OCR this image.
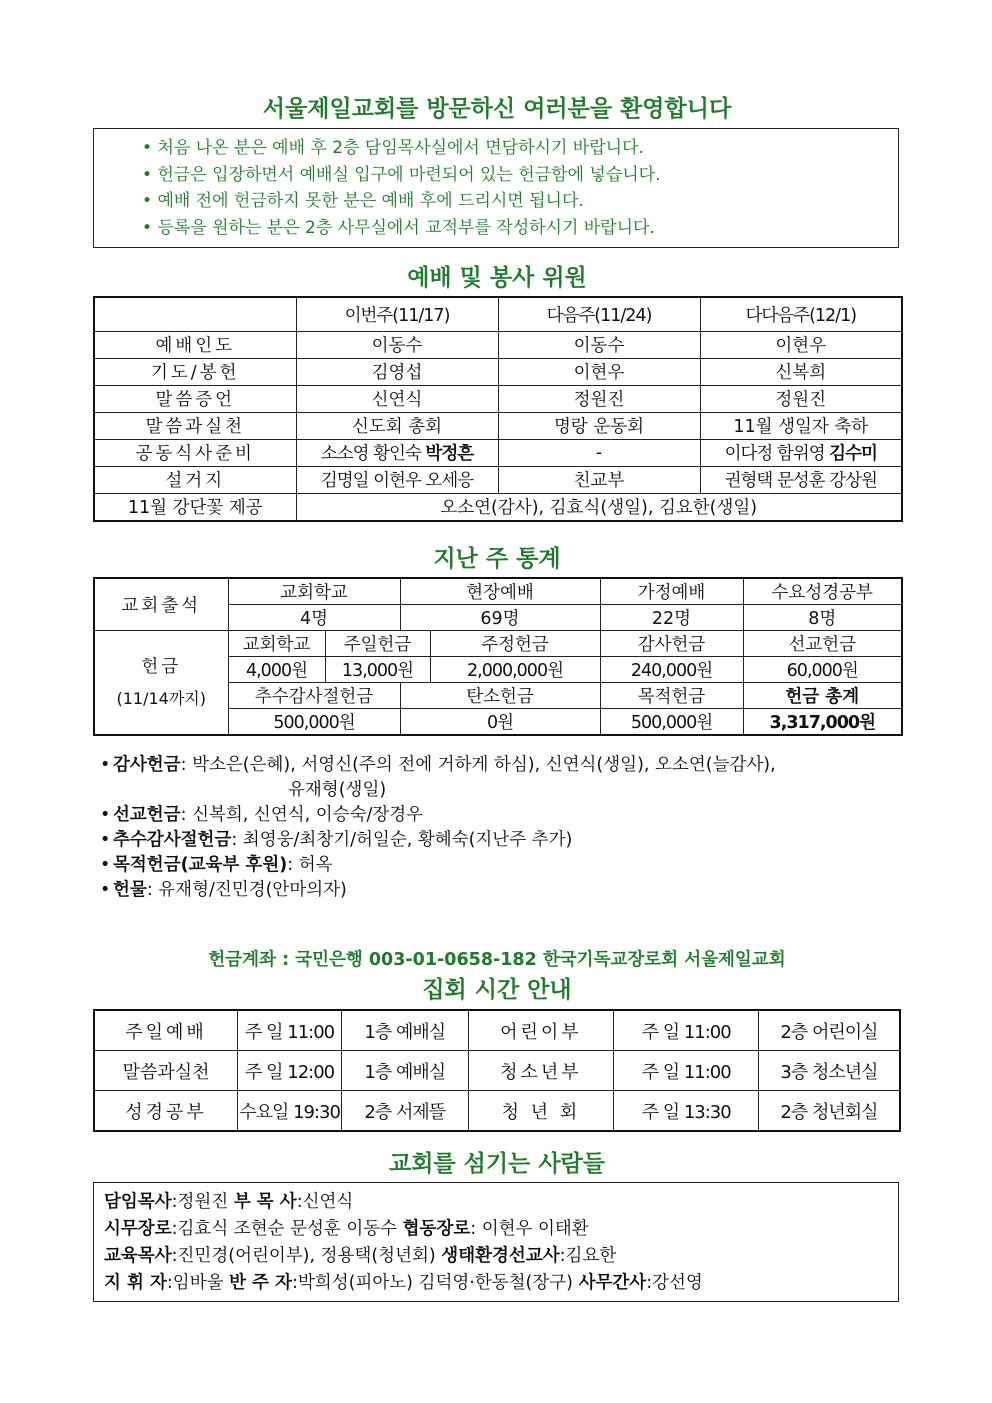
서울제일교회를 방문하신 여러분을 환영합니다
• 처음 나온 분은 예배 후 2층 담임목사실에서 면담하시기 바랍니다.
• 헌금은 입장하면서 예배실 입구에 마련되어 있는 헌금함에 넣습니다.
• 예배 전에 헌금하지 못한 분은 예배 후에 드리시면 됩니다.
• 등록을 원하는 분은 2층 사무실에서 교적부를 작성하시기 바랍니다.
예배 및 봉사 위원
	이번주(11/17)	다음주(11/24)	다다음주(12/1)
예배인도	이동수	이동수	이현우
기도/봉헌	김영섭	이현우	신복희
말씀증언	신연식	정원진	정원진
말씀과실천	신도회 총회	명랑 운동회	11월 생일자 축하
공동식사준비	소소영 황인숙 박정흔	-	이다정 함위영 김수미
설거지	김명일 이현우 오세응	친교부	권형택 문성훈 강상원
11월 강단꽃 제공	오소연(감사), 김효식(생일), 김요한(생일)		
지난 주 통계
교회출석	교회학교		현장예배		가정예배	수요성경공부
	4명		69명		22명	8명

헌금
(11/14까지)	교회학교	주일헌금		주정헌금	감사헌금	선교헌금
	4,000원	13,000원		2,000,000원	240,000원	60,000원
	추수감사절헌금		탄소헌금		목적헌금	헌금 총계
	500,000원		0원		500,000원	3,317,000원
• 감사헌금: 박소은(은혜), 서영신(주의 전에 거하게 하심), 신연식(생일), 오소연(늘감사),
유재형(생일)
• 선교헌금: 신복희, 신연식, 이승숙/장경우
• 추수감사절헌금: 최영웅/최창기/허일순, 황혜숙(지난주 추가)
• 목적헌금(교육부 후원): 허옥
• 헌물: 유재형/진민경(안마의자)
헌금계좌 : 국민은행 003-01-0658-182 한국기독교장로회 서울제일교회
집회 시간 안내
주일예배	주 일 11:00	1층 예배실	어린이부	주 일 11:00	2층 어린이실
말씀과실천	주 일 12:00	1층 예배실	청소년부	주 일 11:00	3층 청소년실
성경공부	수요일 19:30	2층 서제뜰	청 년 회	주 일 13:30	2층 청년회실
교회를 섬기는 사람들
담임목사:정원진 부 목 사:신연식
시무장로:김효식 조현순 문성훈 이동수 협동장로: 이현우 이태환
교육목사:진민경(어린이부), 정용택(청년회) 생태환경선교사:김요한
지 휘 자:임바울 반 주 자:박희성(피아노) 김덕영·한동철(장구) 사무간사:강선영
